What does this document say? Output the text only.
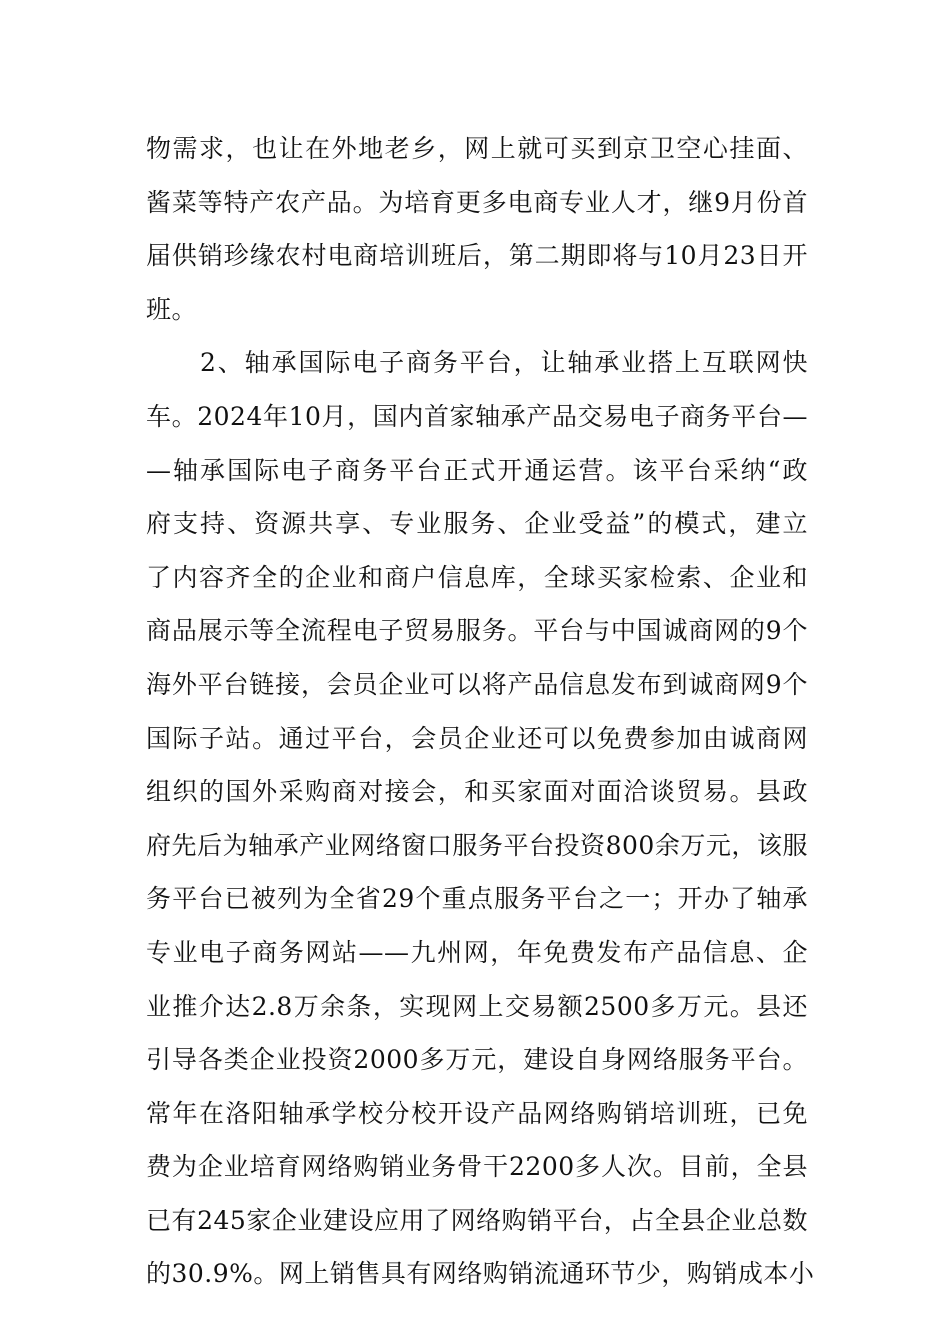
物需求，也让在外地老乡，网上就可买到京卫空心挂面、
酱菜等特产农产品。为培育更多电商专业人才，继9月份首
届供销珍缘农村电商培训班后，第二期即将与10月23日开
班。
2、轴承国际电子商务平台，让轴承业搭上互联网快
车。2024年10月，国内首家轴承产品交易电子商务平台—
—轴承国际电子商务平台正式开通运营。该平台采纳“政
府支持、资源共享、专业服务、企业受益”的模式，建立
了内容齐全的企业和商户信息库，全球买家检索、企业和
商品展示等全流程电子贸易服务。平台与中国诚商网的9个
海外平台链接，会员企业可以将产品信息发布到诚商网9个
国际子站。通过平台，会员企业还可以免费参加由诚商网
组织的国外采购商对接会，和买家面对面洽谈贸易。县政
府先后为轴承产业网络窗口服务平台投资800余万元，该服
务平台已被列为全省29个重点服务平台之一；开办了轴承
专业电子商务网站——九州网，年免费发布产品信息、企
业推介达2.8万余条，实现网上交易额2500多万元。县还
引导各类企业投资2000多万元，建设自身网络服务平台。
常年在洛阳轴承学校分校开设产品网络购销培训班，已免
费为企业培育网络购销业务骨干2200多人次。目前，全县
已有245家企业建设应用了网络购销平台，占全县企业总数
的30.9%。网上销售具有网络购销流通环节少，购销成本小
